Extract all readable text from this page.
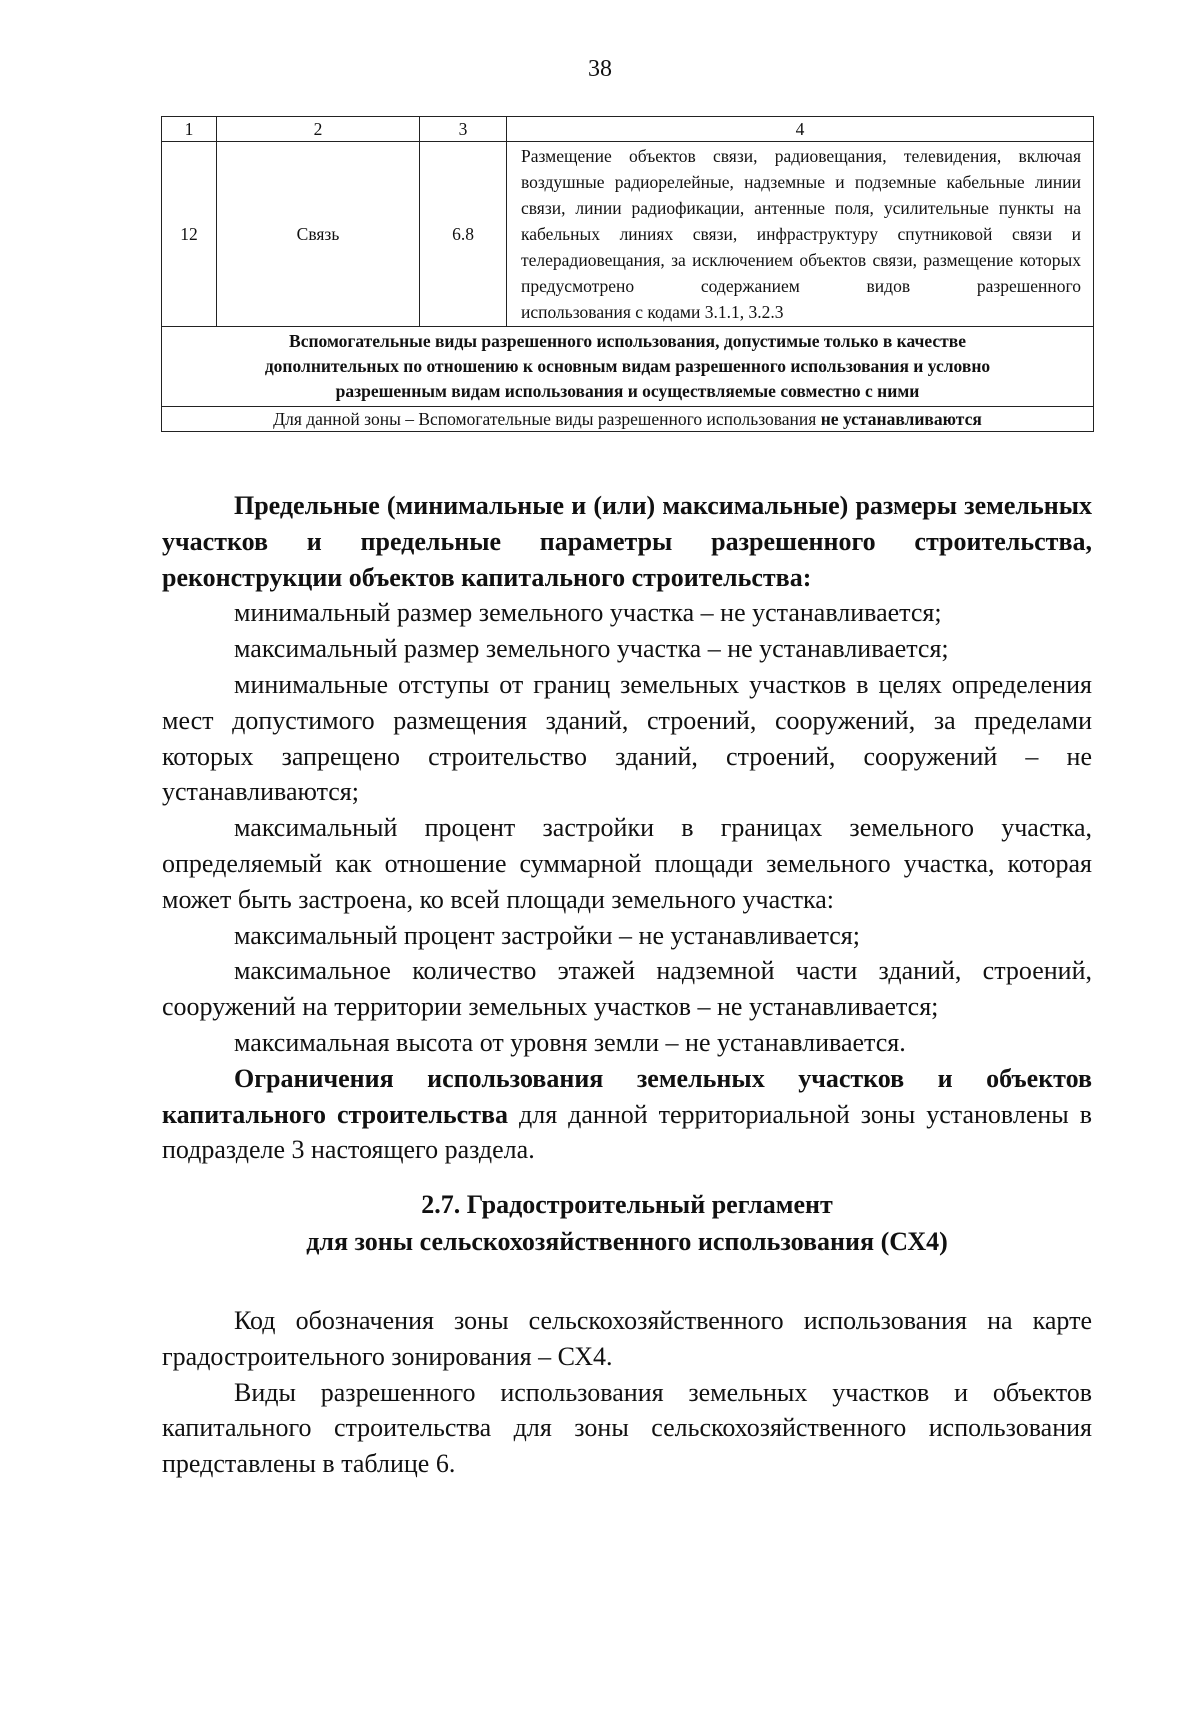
38
1	2	3	4
12	Связь	6.8	Размещение объектов связи, радиовещания, телевидения, включая воздушные радиорелейные, надземные и подземные кабельные линии связи, линии радиофикации, антенные поля, усилительные пункты на кабельных линиях связи, инфраструктуру спутниковой связи и телерадиовещания, за исключением объектов связи, размещение которых предусмотрено содержанием видов разрешенного
использования с кодами 3.1.1, 3.2.3

Вспомогательные виды разрешенного использования, допустимые только в качестве
дополнительных по отношению к основным видам разрешенного использования и условно
разрешенным видам использования и осуществляемые совместно с ними			

Для данной зоны – Вспомогательные виды разрешенного использования не устанавливаются			

Предельные (минимальные и (или) максимальные) размеры земельных участков и предельные параметры разрешенного строительства, реконструкции объектов капитального строительства:

минимальный размер земельного участка – не устанавливается;

максимальный размер земельного участка – не устанавливается;

минимальные отступы от границ земельных участков в целях определения мест допустимого размещения зданий, строений, сооружений, за пределами которых запрещено строительство зданий, строений, сооружений – не устанавливаются;

максимальный процент застройки в границах земельного участка, определяемый как отношение суммарной площади земельного участка, которая может быть застроена, ко всей площади земельного участка:

максимальный процент застройки – не устанавливается;

максимальное количество этажей надземной части зданий, строений, сооружений на территории земельных участков – не устанавливается;

максимальная высота от уровня земли – не устанавливается.

Ограничения использования земельных участков и объектов капитального строительства для данной территориальной зоны установлены в подразделе 3 настоящего раздела.

2.7. Градостроительный регламент
для зоны сельскохозяйственного использования (СХ4)

Код обозначения зоны сельскохозяйственного использования на карте градостроительного зонирования – СХ4.

Виды разрешенного использования земельных участков и объектов капитального строительства для зоны сельскохозяйственного использования представлены в таблице 6.
